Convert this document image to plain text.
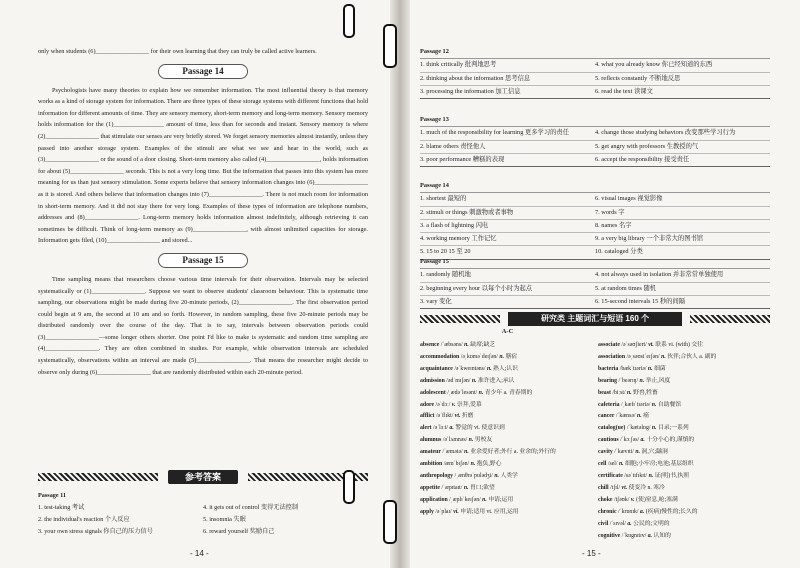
only when students (6)_________________ for their own learning that they can truly be called active learners.

Passage 14

Psychologists have many theories to explain how we remember information. The most influential theory is that memory works as a kind of storage system for information. There are three types of these storage systems with different functions that hold information for different amounts of time. They are sensory memory, short-term memory and long-term memory. Sensory memory holds information for the (1)________________ amount of time, less than for seconds and instant. Sensory memory is where (2)_________________ that stimulate our senses are very briefly stored. We forget sensory memories almost instantly, unless they passed into another storage system. Examples of the stimuli are what we see and hear in the world, such as (3)_________________ or the sound of a door closing. Short-term memory also called (4)_________________, holds information for about (5)_________________ seconds. This is not a very long time. But the information that passes into this system has more meaning for us than just sensory stimulation. Some experts believe that sensory information changes into (6)_________________ as it is stored. And others believe that information changes into (7)_________________. There is not much room for information in short-term memory. And it did not stay there for very long. Examples of these types of information are telephone numbers, addresses and (8)_________________. Long-term memory holds information almost indefinitely, although retrieving it can sometimes be difficult. Think of long-term memory as (9)_________________, with almost unlimited capacities for storage. Information gets filed, (10)_________________ and stored...

Passage 15

Time sampling means that researchers choose various time intervals for their observation. Intervals may be selected systematically or (1)_________________. Suppose we want to observe students' classroom behaviour. This is systematic time sampling, our observations might be made during five 20-minute periods, (2)_________________. The first observation period could begin at 9 am, the second at 10 am and so forth. However, in random sampling, these five 20-minute periods may be distributed randomly over the course of the day. That is to say, intervals between observation periods could (3)_________________—some longer others shorter. One point I'd like to make is systematic and random time sampling are (4)_________________. They are often combined in studies. For example, while observation intervals are scheduled systematically, observations within an interval are made (5)_________________. That means the researcher might decide to observe only during (6)_________________ that are randomly distributed within each 20-minute period.

参考答案
Passage 11
1. test-taking 考试
2. the individual's reaction 个人反应
3. your own stress signals 你自己的压力信号
4. it gets out of control 变得无法控制
5. insomnia 失眠
6. reward yourself 奖励自己
- 14 -	- 15 -
Passage 12
1. think critically 批判地思考	4. what you already know 你已经知道的东西
2. thinking about the information 思考信息	5. reflects constantly 不断地反思
3. processing the information 加工信息	6. read the text 读课文
Passage 13
1. much of the responsibility for learning 更多学习的责任	4. change those studying behaviors 改变那些学习行为
2. blame others 责怪他人	5. get angry with professors 生教授的气
3. poor performance 糟糕的表现	6. accept the responsibility 接受责任
Passage 14
1. shortest 最短的	6. visual images 视觉影像
2. stimuli or things 刺激物或者事物	7. words 字
3. a flash of lightning 闪电	8. names 名字
4. working memory 工作记忆	9. a very big library 一个非常大的图书馆
5. 15 to 20 15 至 20	10. cataloged 分类
Passage 15
1. randomly 随机地	4. not always used in isolation 并非常常单独使用
2. beginning every hour 以每个小时为起点	5. at random times 随机
3. vary 变化	6. 15-second intervals 15 秒的间隔
研究类 主题词汇与短语 160 个
A-C
absence /ˈæbsəns/ n. 缺席;缺乏
accommodation /əˌkɒməˈdeɪʃən/ n. 膳宿
acquaintance /əˈkweɪntəns/ n. 熟人;认识
admission /ədˈmɪʃən/ n. 准许进入;承认
adolescent /ˌædəˈlesənt/ n. 青少年 a. 青春期的
adore /əˈdɔː/ v. 崇拜,爱慕
afflict /əˈflɪkt/ vt. 折磨
alert /əˈlɜːt/ a. 警觉的 vt. 使意识到
alumnus /əˈlʌmnəs/ n. 男校友
amateur /ˈæmətə/ n. 业余爱好者;外行 a. 业余的;外行的
ambition /æmˈbɪʃən/ n. 抱负,野心
anthropology /ˌænθrəˈpɒlədʒi/ n. 人类学
appetite /ˈæpɪtaɪt/ n. 胃口;欲望
application /ˌæplɪˈkeɪʃən/ n. 申请;运用
apply /əˈplaɪ/ vi. 申请;适用 vt. 应用,运用
associate /əˈsəʊʃiert/ vt. 联系 vi. (with) 交往
association /əˌsəʊsiˈeɪʃən/ n. 伙伴;合伙人 a. 副的
bacteria /bækˈtɪəriə/ n. 细菌
bearing /ˈbeərɪŋ/ n. 举止,风度
beast /biːst/ n. 野兽,牲畜
cafeteria /ˌkæfɪˈtɪəriə/ n. 自助餐馆
cancer /ˈkænsə/ n. 癌
catalog(ue) /ˈkætəlɒg/ n. 目录;一系列
cautious /ˈkɔːʃəs/ a. 十分小心的,谨慎的
cavity /ˈkævɪti/ n. 洞,穴;龋洞
cell /sel/ n. 细胞;小牢房;电池;基层组织
certificate /səˈtɪfɪkɪt/ n. 证(明)书,执照
chill /tʃɪl/ vt. 使变冷 n. 寒冷
choke /tʃəʊk/ v. (使)窒息,呛;塞满
chronic /ˈkrɒnɪk/ a. (疾病)慢性的;长久的
civil /ˈsɪvəl/ a. 公民的;文明的
cognitive /ˈkɒgnɪtɪv/ a. 认知的
